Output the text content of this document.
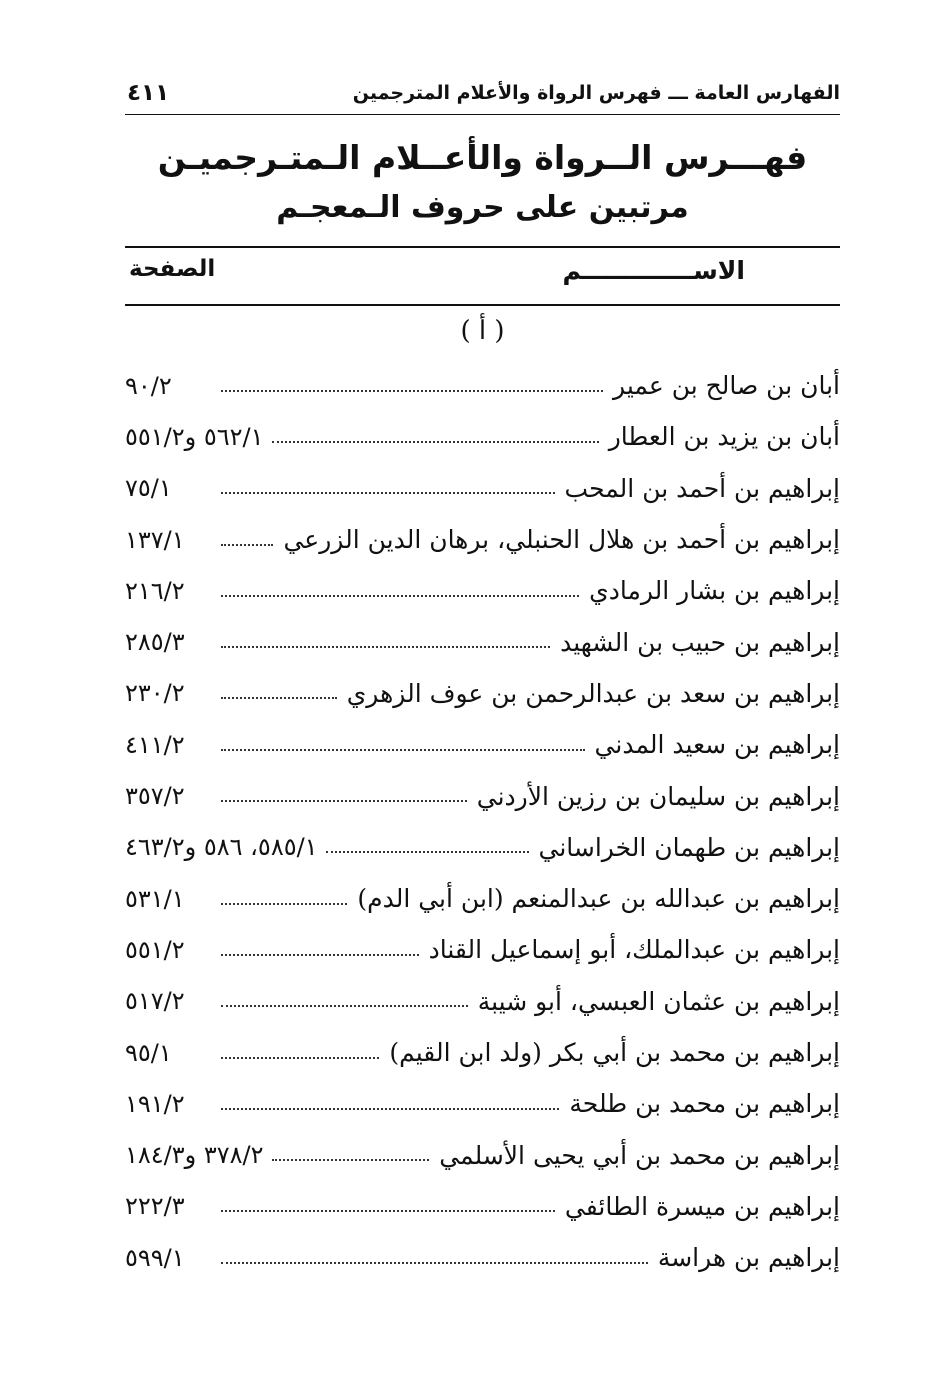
الفهارس العامة ـــ فهرس الرواة والأعلام المترجمين
٤١١
فهـــرس الــرواة والأعــلام الـمتـرجميـن
مرتبين على حروف الـمعجـم
الاســـــــــــــم
الصفحة
( أ )
أبان بن صالح بن عمير
٩٠/٢
أبان بن يزيد بن العطار
٥٦٢/١ و٥٥١/٢
إبراهيم بن أحمد بن المحب
٧٥/١
إبراهيم بن أحمد بن هلال الحنبلي، برهان الدين الزرعي
١٣٧/١
إبراهيم بن بشار الرمادي
٢١٦/٢
إبراهيم بن حبيب بن الشهيد
٢٨٥/٣
إبراهيم بن سعد بن عبدالرحمن بن عوف الزهري
٢٣٠/٢
إبراهيم بن سعيد المدني
٤١١/٢
إبراهيم بن سليمان بن رزين الأردني
٣٥٧/٢
إبراهيم بن طهمان الخراساني
٥٨٥/١، ٥٨٦ و٤٦٣/٢
إبراهيم بن عبدالله بن عبدالمنعم (ابن أبي الدم)
٥٣١/١
إبراهيم بن عبدالملك، أبو إسماعيل القناد
٥٥١/٢
إبراهيم بن عثمان العبسي، أبو شيبة
٥١٧/٢
إبراهيم بن محمد بن أبي بكر (ولد ابن القيم)
٩٥/١
إبراهيم بن محمد بن طلحة
١٩١/٢
إبراهيم بن محمد بن أبي يحيى الأسلمي
٣٧٨/٢ و١٨٤/٣
إبراهيم بن ميسرة الطائفي
٢٢٢/٣
إبراهيم بن هراسة
٥٩٩/١
